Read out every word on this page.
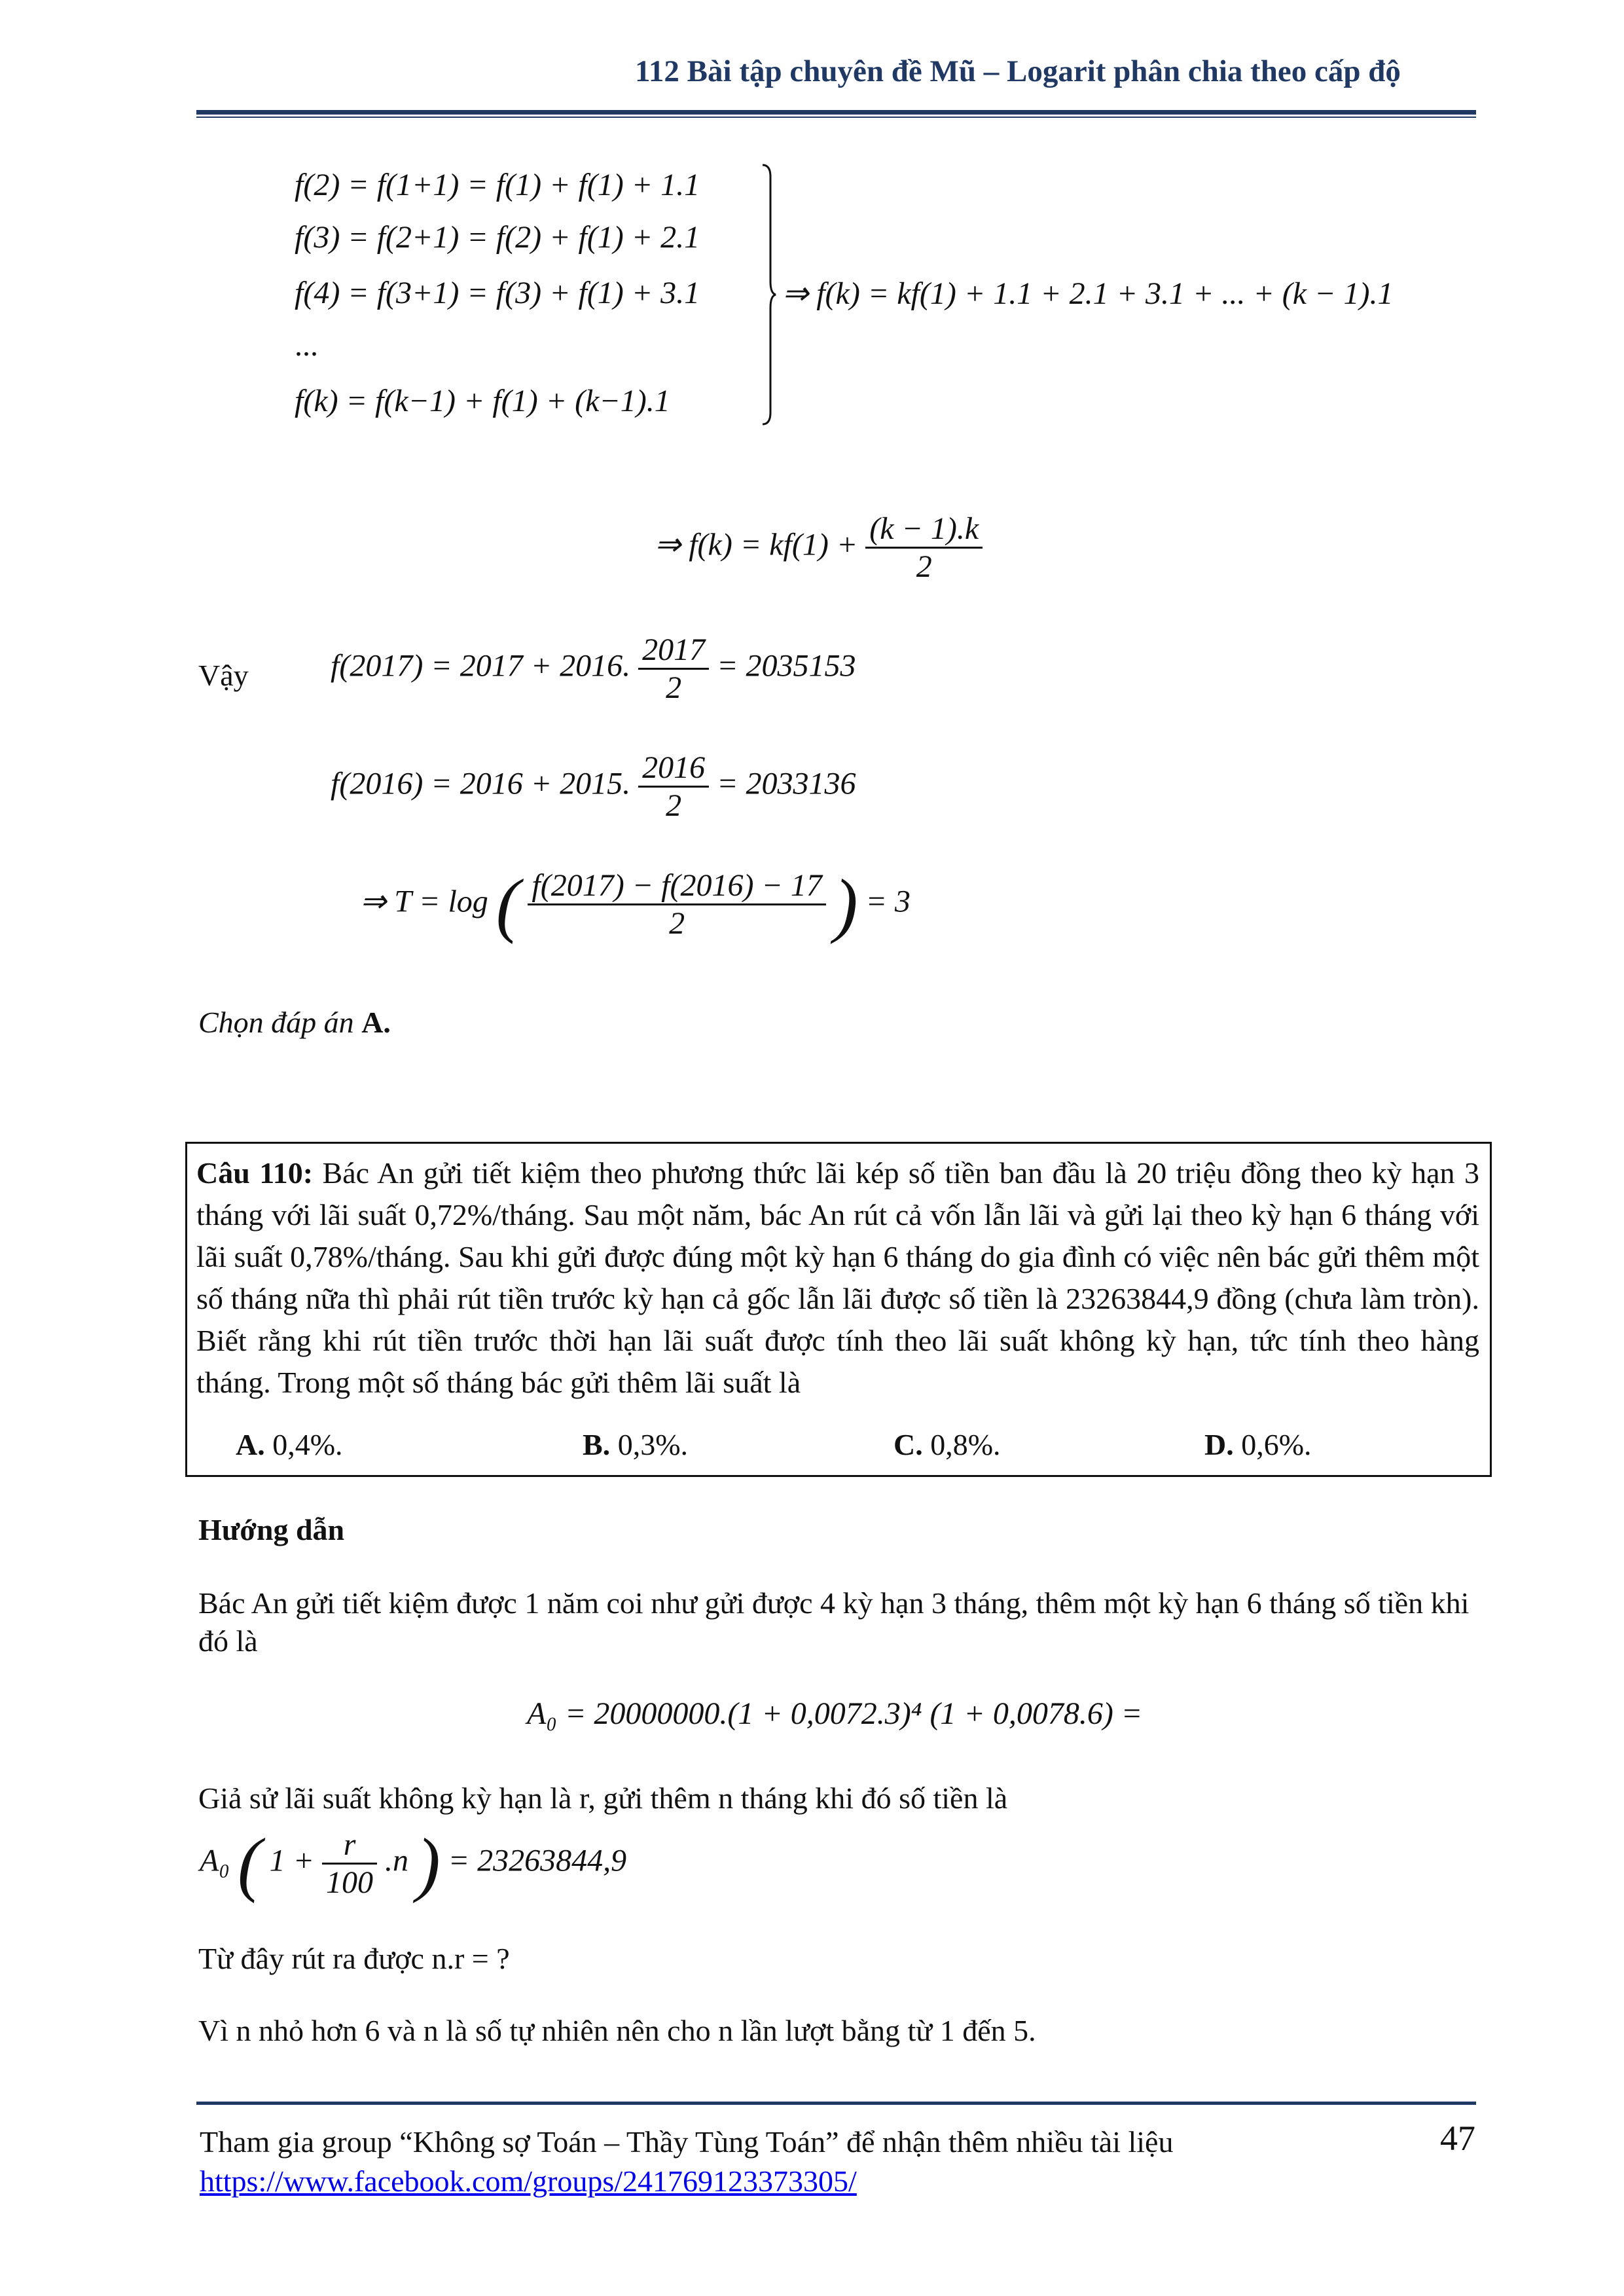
112 Bài tập chuyên đề Mũ – Logarit phân chia theo cấp độ
f(2) = f(1+1) = f(1) + f(1) + 1.1
f(3) = f(2+1) = f(2) + f(1) + 2.1
f(4) = f(3+1) = f(3) + f(1) + 3.1
...
f(k) = f(k−1) + f(1) + (k−1).1
⇒ f(k) = kf(1) + 1.1 + 2.1 + 3.1 + ... + (k − 1).1
⇒ $f(k) = kf(1) + \frac{(k - 1).k}{2}$
Vậy	f(2017) = 2017 + 2016. $\frac{2017}{2} = 2035153$
f(2016) = 2016 + 2015. $\frac{2016}{2} = 2033136$
⇒ T = log ( $\frac{f(2017) - f(2016) - 17}{2}$ ) = 3
Chọn đáp án A.
Câu 110: Bác An gửi tiết kiệm theo phương thức lãi kép số tiền ban đầu là 20 triệu đồng theo kỳ hạn 3 tháng với lãi suất 0,72%/tháng. Sau một năm, bác An rút cả vốn lẫn lãi và gửi lại theo kỳ hạn 6 tháng với lãi suất 0,78%/tháng. Sau khi gửi được đúng một kỳ hạn 6 tháng do gia đình có việc nên bác gửi thêm một số tháng nữa thì phải rút tiền trước kỳ hạn cả gốc lẫn lãi được số tiền là 23263844,9 đồng (chưa làm tròn). Biết rằng khi rút tiền trước thời hạn lãi suất được tính theo lãi suất không kỳ hạn, tức tính theo hàng tháng. Trong một số tháng bác gửi thêm lãi suất là
A. 0,4%.	B. 0,3%.	C. 0,8%.	D. 0,6%.
Hướng dẫn
Bác An gửi tiết kiệm được 1 năm coi như gửi được 4 kỳ hạn 3 tháng, thêm một kỳ hạn 6 tháng số tiền khi đó là
A₀ = 20000000.(1 + 0,0072.3)⁴ (1 + 0,0078.6) =
Giả sử lãi suất không kỳ hạn là r, gửi thêm n tháng khi đó số tiền là
A₀ ( $1 + \frac{r}{100} .n$ ) = 23263844,9
Từ đây rút ra được n.r = ?
Vì n nhỏ hơn 6 và n là số tự nhiên nên cho n lần lượt bằng từ 1 đến 5.
Tham gia group “Không sợ Toán – Thầy Tùng Toán” để nhận thêm nhiều tài liệu
https://www.facebook.com/groups/241769123373305/
47
